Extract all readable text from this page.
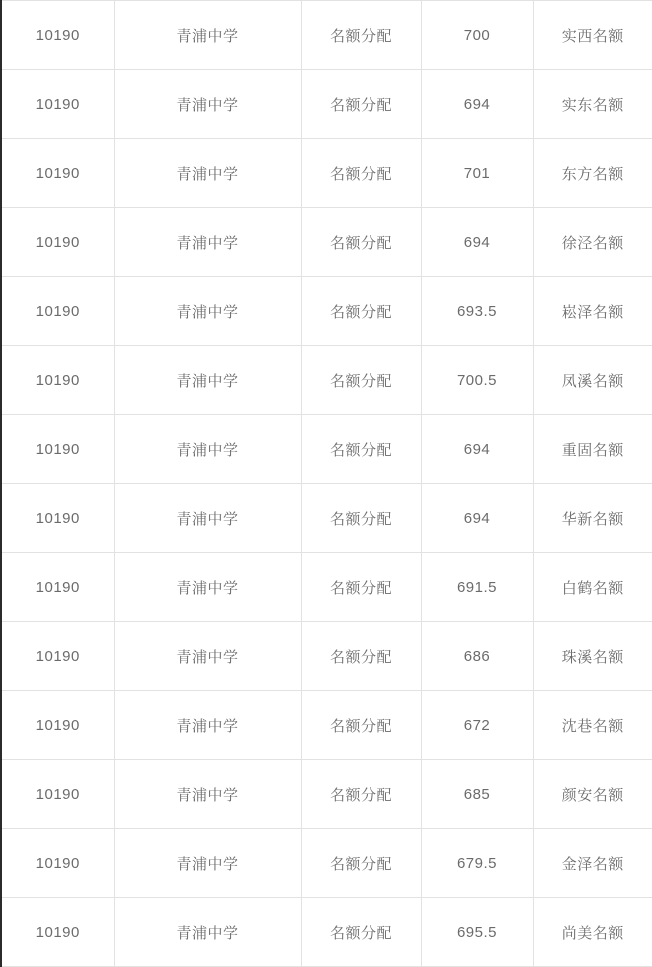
10190	青浦中学	名额分配	700	实西名额
10190	青浦中学	名额分配	694	实东名额
10190	青浦中学	名额分配	701	东方名额
10190	青浦中学	名额分配	694	徐泾名额
10190	青浦中学	名额分配	693.5	崧泽名额
10190	青浦中学	名额分配	700.5	凤溪名额
10190	青浦中学	名额分配	694	重固名额
10190	青浦中学	名额分配	694	华新名额
10190	青浦中学	名额分配	691.5	白鹤名额
10190	青浦中学	名额分配	686	珠溪名额
10190	青浦中学	名额分配	672	沈巷名额
10190	青浦中学	名额分配	685	颜安名额
10190	青浦中学	名额分配	679.5	金泽名额
10190	青浦中学	名额分配	695.5	尚美名额
